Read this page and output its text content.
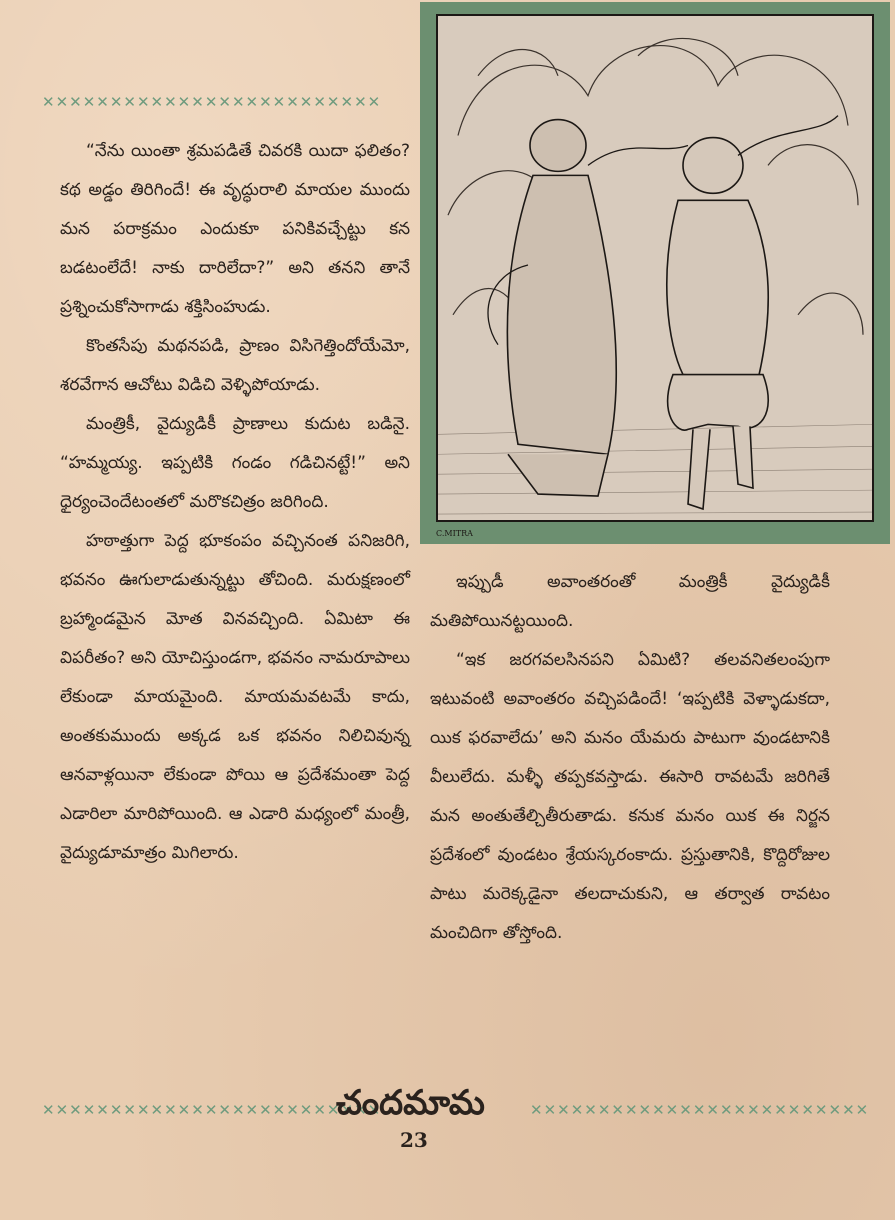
✕✕✕✕✕✕✕✕✕✕✕✕✕✕✕✕✕✕✕✕✕✕✕✕✕
C.MITRA

“నేను యింతా శ్రమపడితే చివరకి యిదా ఫలితం? కథ అడ్డం తిరిగిందే! ఈ వృద్ధురాలి మాయల ముందు మన పరాక్రమం ఎందుకూ పనికివచ్చేట్టు కన బడటంలేదే! నాకు దారిలేదా?” అని తనని తానే ప్రశ్నించుకోసాగాడు శక్తిసింహుడు.

కొంతసేపు మథనపడి, ప్రాణం విసిగెత్తిందోయేమో, శరవేగాన ఆచోటు విడిచి వెళ్ళిపోయాడు.

మంత్రికీ, వైద్యుడికీ ప్రాణాలు కుదుట బడినై. “హమ్మయ్య. ఇప్పటికి గండం గడిచినట్టే!” అని ధైర్యంచెందేటంతలో మరొకచిత్రం జరిగింది.

హఠాత్తుగా పెద్ద భూకంపం వచ్చినంత పనిజరిగి, భవనం ఊగులాడుతున్నట్టు తోచింది. మరుక్షణంలో బ్రహ్మాండమైన మోత వినవచ్చింది. ఏమిటా ఈ విపరీతం? అని యోచిస్తుండగా, భవనం నామరూపాలు లేకుండా మాయమైంది. మాయమవటమే కాదు, అంతకుముందు అక్కడ ఒక భవనం నిలిచివున్న ఆనవాళ్లయినా లేకుండా పోయి ఆ ప్రదేశమంతా పెద్ద ఎడారిలా మారిపోయింది. ఆ ఎడారి మధ్యంలో మంత్రీ, వైద్యుడూమాత్రం మిగిలారు.

ఇప్పుడీ అవాంతరంతో మంత్రికీ వైద్యుడికీ మతిపోయినట్టయింది.

“ఇక జరగవలసినపని ఏమిటి? తలవనితలంపుగా ఇటువంటి అవాంతరం వచ్చిపడిందే! ‘ఇప్పటికి వెళ్ళాడుకదా, యిక ఫరవాలేదు’ అని మనం యేమరు పాటుగా వుండటానికి వీలులేదు. మళ్ళీ తప్పకవస్తాడు. ఈసారి రావటమే జరిగితే మన అంతుతేల్చితీరుతాడు. కనుక మనం యిక ఈ నిర్జన ప్రదేశంలో వుండటం శ్రేయస్కరంకాదు. ప్రస్తుతానికి, కొద్దిరోజుల పాటు మరెక్కడైనా తలదాచుకుని, ఆ తర్వాత రావటం మంచిదిగా తోస్తోంది.

✕✕✕✕✕✕✕✕✕✕✕✕✕✕✕✕✕✕✕✕✕✕✕✕✕
చందమామ	✕✕✕✕✕✕✕✕✕✕✕✕✕✕✕✕✕✕✕✕✕✕✕✕✕
23
